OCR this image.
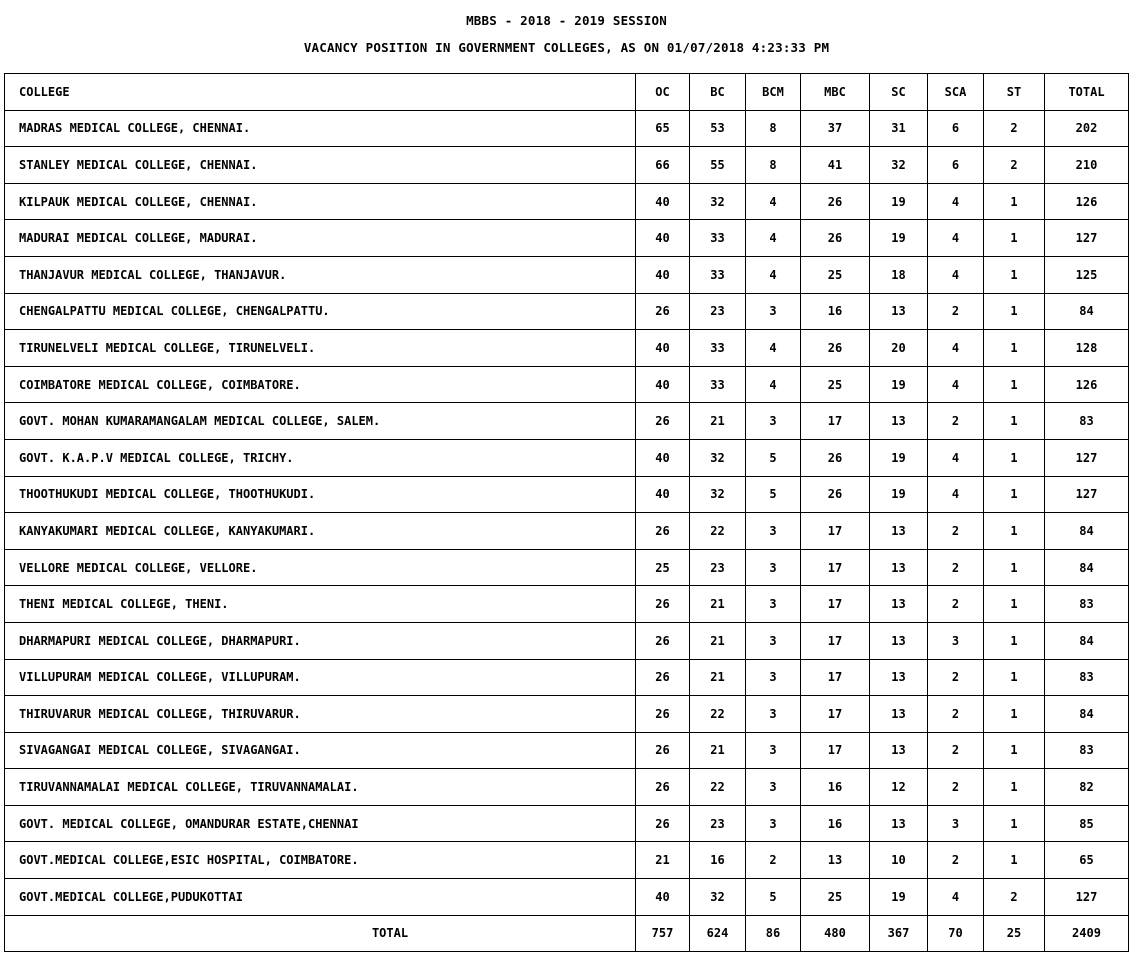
MBBS - 2018 - 2019 SESSION
VACANCY POSITION IN GOVERNMENT COLLEGES, AS ON 01/07/2018 4:23:33 PM
COLLEGE	OC	BC	BCM	MBC	SC	SCA	ST	TOTAL
MADRAS MEDICAL COLLEGE, CHENNAI.	65	53	8	37	31	6	2	202
STANLEY MEDICAL COLLEGE, CHENNAI.	66	55	8	41	32	6	2	210
KILPAUK MEDICAL COLLEGE, CHENNAI.	40	32	4	26	19	4	1	126
MADURAI MEDICAL COLLEGE, MADURAI.	40	33	4	26	19	4	1	127
THANJAVUR MEDICAL COLLEGE, THANJAVUR.	40	33	4	25	18	4	1	125
CHENGALPATTU MEDICAL COLLEGE, CHENGALPATTU.	26	23	3	16	13	2	1	84
TIRUNELVELI MEDICAL COLLEGE, TIRUNELVELI.	40	33	4	26	20	4	1	128
COIMBATORE MEDICAL COLLEGE, COIMBATORE.	40	33	4	25	19	4	1	126
GOVT. MOHAN KUMARAMANGALAM MEDICAL COLLEGE, SALEM.	26	21	3	17	13	2	1	83
GOVT. K.A.P.V MEDICAL COLLEGE, TRICHY.	40	32	5	26	19	4	1	127
THOOTHUKUDI MEDICAL COLLEGE, THOOTHUKUDI.	40	32	5	26	19	4	1	127
KANYAKUMARI MEDICAL COLLEGE, KANYAKUMARI.	26	22	3	17	13	2	1	84
VELLORE MEDICAL COLLEGE, VELLORE.	25	23	3	17	13	2	1	84
THENI MEDICAL COLLEGE, THENI.	26	21	3	17	13	2	1	83
DHARMAPURI MEDICAL COLLEGE, DHARMAPURI.	26	21	3	17	13	3	1	84
VILLUPURAM MEDICAL COLLEGE, VILLUPURAM.	26	21	3	17	13	2	1	83
THIRUVARUR MEDICAL COLLEGE, THIRUVARUR.	26	22	3	17	13	2	1	84
SIVAGANGAI MEDICAL COLLEGE, SIVAGANGAI.	26	21	3	17	13	2	1	83
TIRUVANNAMALAI MEDICAL COLLEGE, TIRUVANNAMALAI.	26	22	3	16	12	2	1	82
GOVT. MEDICAL COLLEGE, OMANDURAR ESTATE,CHENNAI	26	23	3	16	13	3	1	85
GOVT.MEDICAL COLLEGE,ESIC HOSPITAL, COIMBATORE.	21	16	2	13	10	2	1	65
GOVT.MEDICAL COLLEGE,PUDUKOTTAI	40	32	5	25	19	4	2	127
TOTAL	757	624	86	480	367	70	25	2409
